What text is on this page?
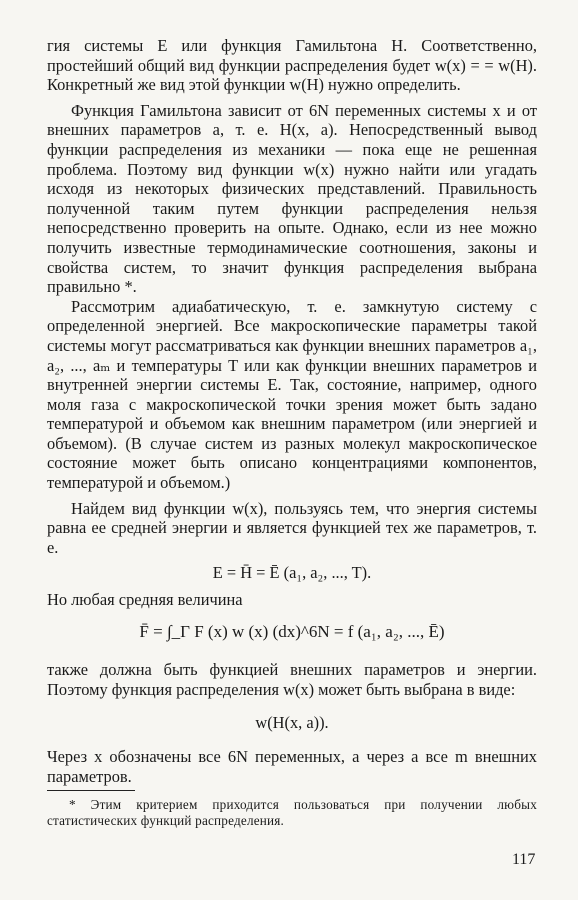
гия системы E или функция Гамильтона H. Соответственно, простейший общий вид функции распределения будет w(x) = = w(H). Конкретный же вид этой функции w(H) нужно определить.

Функция Гамильтона зависит от 6N переменных системы x и от внешних параметров a, т. е. H(x, a). Непосредственный вывод функции распределения из механики — пока еще не решенная проблема. Поэтому вид функции w(x) нужно найти или угадать исходя из некоторых физических представлений. Правильность полученной таким путем функции распределения нельзя непосредственно проверить на опыте. Однако, если из нее можно получить известные термодинамические соотношения, законы и свойства систем, то значит функция распределения выбрана правильно *.

Рассмотрим адиабатическую, т. е. замкнутую систему с определенной энергией. Все макроскопические параметры такой системы могут рассматриваться как функции внешних параметров a₁, a₂, ..., aₘ и температуры T или как функции внешних параметров и внутренней энергии системы E. Так, состояние, например, одного моля газа с макроскопической точки зрения может быть задано температурой и объемом как внешним параметром (или энергией и объемом). (В случае систем из разных молекул макроскопическое состояние может быть описано концентрациями компонентов, температурой и объемом.)

Найдем вид функции w(x), пользуясь тем, что энергия системы равна ее средней энергии и является функцией тех же параметров, т. е.

E = H̄ = Ē (a₁, a₂, ..., T).

Но любая средняя величина

F̄ = ∫_Γ F (x) w (x) (dx)^6N = f (a₁, a₂, ..., Ē)

также должна быть функцией внешних параметров и энергии. Поэтому функция распределения w(x) может быть выбрана в виде:

w(H(x, a)).

Через x обозначены все 6N переменных, а через a все m внешних параметров.

* Этим критерием приходится пользоваться при получении любых статистических функций распределения.

117
